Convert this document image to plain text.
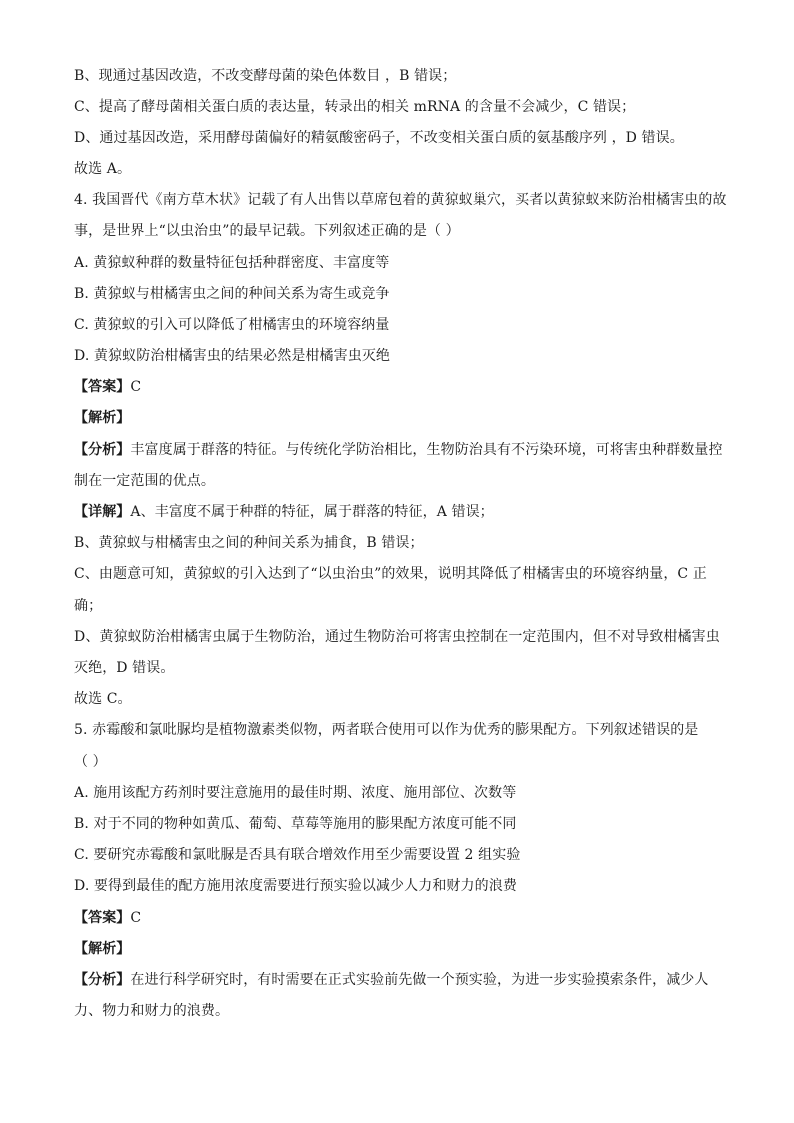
B、现通过基因改造，不改变酵母菌的染色体数目 ，B 错误；
C、提高了酵母菌相关蛋白质的表达量，转录出的相关 mRNA 的含量不会减少，C 错误；
D、通过基因改造，采用酵母菌偏好的精氨酸密码子，不改变相关蛋白质的氨基酸序列 ，D 错误。
故选 A。
4. 我国晋代《南方草木状》记载了有人出售以草席包着的黄猄蚁巢穴，买者以黄猄蚁来防治柑橘害虫的故
事，是世界上“以虫治虫”的最早记载。下列叙述正确的是（ ）
A. 黄猄蚁种群的数量特征包括种群密度、丰富度等
B. 黄猄蚁与柑橘害虫之间的种间关系为寄生或竞争
C. 黄猄蚁的引入可以降低了柑橘害虫的环境容纳量
D. 黄猄蚁防治柑橘害虫的结果必然是柑橘害虫灭绝
【答案】C
【解析】
【分析】丰富度属于群落的特征。与传统化学防治相比，生物防治具有不污染环境，可将害虫种群数量控
制在一定范围的优点。
【详解】A、丰富度不属于种群的特征，属于群落的特征，A 错误；
B、黄猄蚁与柑橘害虫之间的种间关系为捕食，B 错误；
C、由题意可知，黄猄蚁的引入达到了“以虫治虫”的效果，说明其降低了柑橘害虫的环境容纳量，C 正
确；
D、黄猄蚁防治柑橘害虫属于生物防治，通过生物防治可将害虫控制在一定范围内，但不对导致柑橘害虫
灭绝，D 错误。
故选 C。
5. 赤霉酸和氯吡脲均是植物激素类似物，两者联合使用可以作为优秀的膨果配方。下列叙述错误的是
（ ）
A. 施用该配方药剂时要注意施用的最佳时期、浓度、施用部位、次数等
B. 对于不同的物种如黄瓜、葡萄、草莓等施用的膨果配方浓度可能不同
C. 要研究赤霉酸和氯吡脲是否具有联合增效作用至少需要设置 2 组实验
D. 要得到最佳的配方施用浓度需要进行预实验以减少人力和财力的浪费
【答案】C
【解析】
【分析】在进行科学研究时，有时需要在正式实验前先做一个预实验，为进一步实验摸索条件，减少人
力、物力和财力的浪费。
